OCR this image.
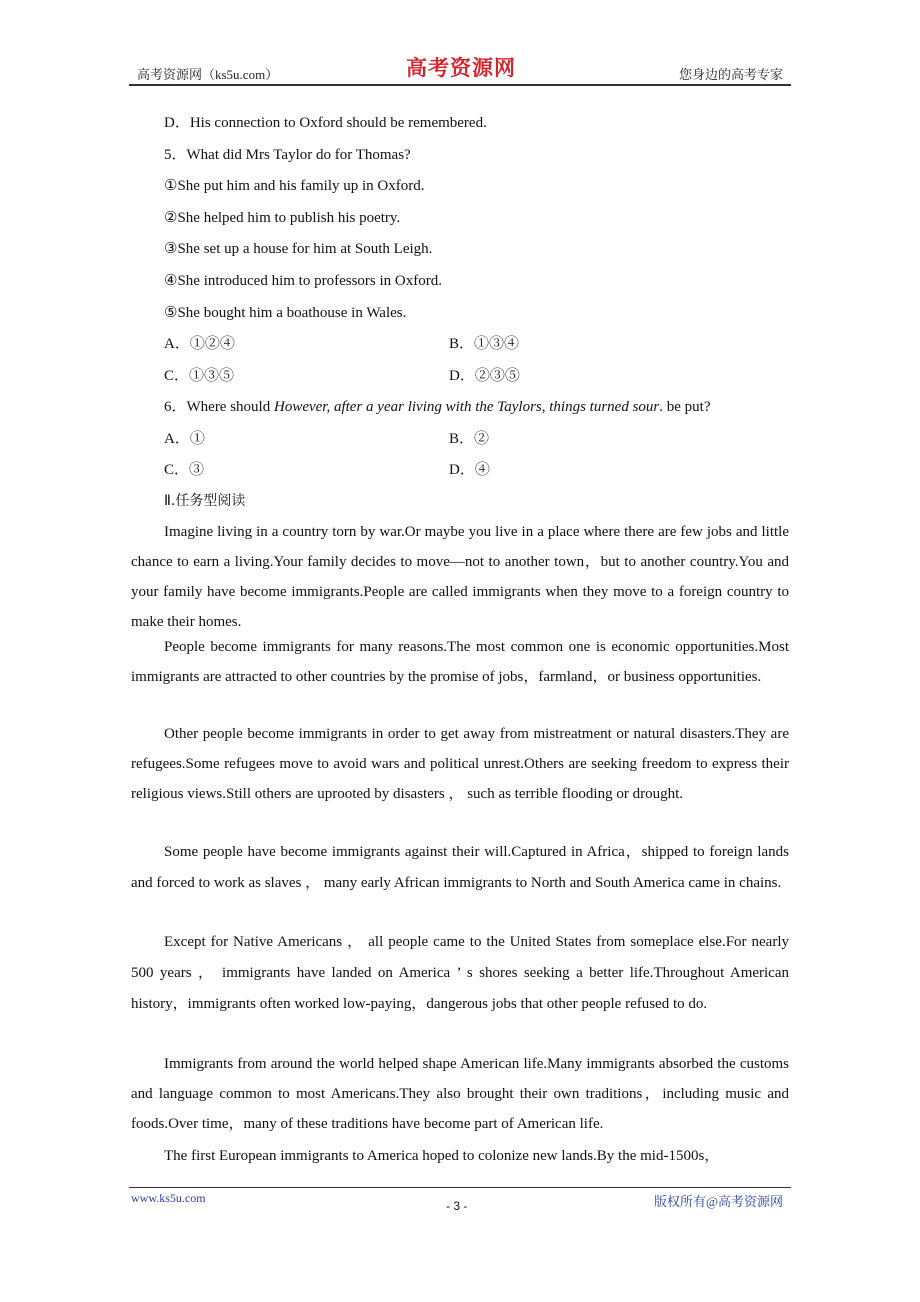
高考资源网（ks5u.com）	高考资源网	您身边的高考专家
D．His connection to Oxford should be remembered.
5．What did Mrs Taylor do for Thomas?
①She put him and his family up in Oxford.
②She helped him to publish his poetry.
③She set up a house for him at South Leigh.
④She introduced him to professors in Oxford.
⑤She bought him a boathouse in Wales.
A．①②④	B．①③④
C．①③⑤	D．②③⑤
6．Where should However, after a year living with the Taylors, things turned sour. be put?
A．①	B．②
C．③	D．④
Ⅱ.任务型阅读
Imagine living in a country torn by war.Or maybe you live in a place where there are few jobs and little chance to earn a living.Your family decides to move—not to another town，but to another country.You and your family have become immigrants.People are called immigrants when they move to a foreign country to make their homes.
People become immigrants for many reasons.The most common one is economic opportunities.Most immigrants are attracted to other countries by the promise of jobs，farmland，or business opportunities.
Other people become immigrants in order to get away from mistreatment or natural disasters.They are refugees.Some refugees move to avoid wars and political unrest.Others are seeking freedom to express their religious views.Still others are uprooted by disasters ， such as terrible flooding or drought.
Some people have become immigrants against their will.Captured in Africa，shipped to foreign lands and forced to work as slaves ， many early African immigrants to North and South America came in chains.
Except for Native Americans ， all people came to the United States from someplace else.For nearly 500 years ， immigrants have landed on America ’ s shores seeking a better life.Throughout American history，immigrants often worked low-paying，dangerous jobs that other people refused to do.
Immigrants from around the world helped shape American life.Many immigrants absorbed the customs and language common to most Americans.They also brought their own traditions，including music and foods.Over time，many of these traditions have become part of American life.
The first European immigrants to America hoped to colonize new lands.By the mid-1500s，
www.ks5u.com
- 3 -	版权所有@高考资源网
